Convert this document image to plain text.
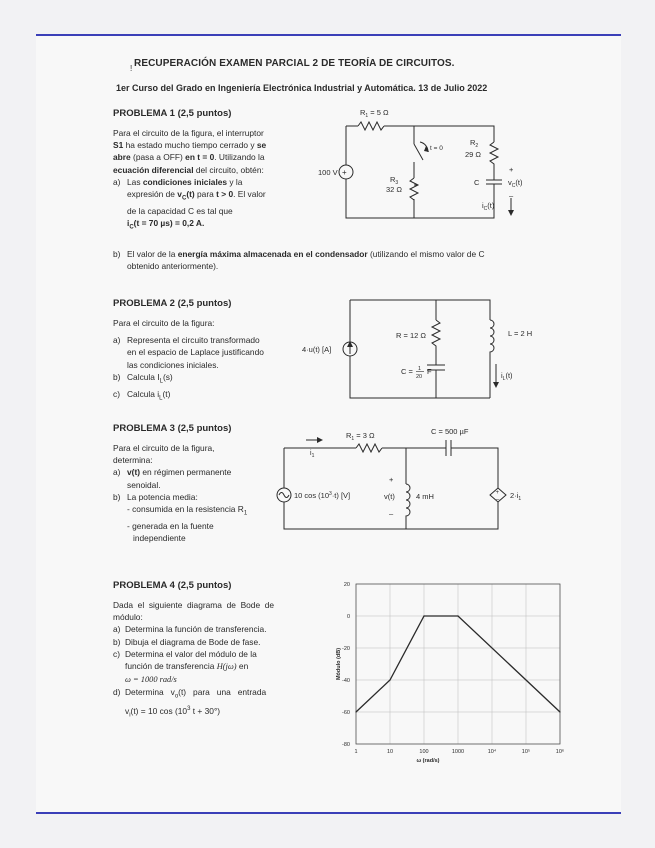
! RECUPERACIÓN EXAMEN PARCIAL 2 DE TEORÍA DE CIRCUITOS.
1er Curso del Grado en Ingeniería Electrónica Industrial y Automática. 13 de Julio 2022
PROBLEMA 1 (2,5 puntos)
Para el circuito de la figura, el interruptor
S1 ha estado mucho tiempo cerrado y se
abre (pasa a OFF) en t = 0. Utilizando la
ecuación diferencial del circuito, obtén:
a) Las condiciones iniciales y la
expresión de $v_C(t)$ para t > 0. El valor
de la capacidad C es tal que
$i_C(t = 70$ µs) = 0,2 A.
b) El valor de la energía máxima almacenada en el condensador (utilizando el mismo valor de C
obtenido anteriormente).
+
$R_1 = 5$ Ω
100 V
t = 0
$R_3$
32 Ω
$R_2$
29 Ω
C
+
–
$v_C(t)$
$i_C(t)$
PROBLEMA 2 (2,5 puntos)
Para el circuito de la figura:
a) Representa el circuito transformado
en el espacio de Laplace justificando
las condiciones iniciales.
b) Calcula $I_L(s)$
c) Calcula $i_L(t)$
4·u(t) [A]
R = 12 Ω	L = 2 H
C = 1
20
F	$i_L(t)$
PROBLEMA 3 (2,5 puntos)
Para el circuito de la figura,
determina:
a) v(t) en régimen permanente
senoidal.
b) La potencia media:
- consumida en la resistencia $R_1$
- generada en la fuente
independiente
$R_1 = 3$ Ω	C = 500 µF
$i_1$
10 $\cos (10^3\cdot t)$ [V]
+
–
v(t)	4 mH	+
– $2\cdot i_1$
PROBLEMA 4 (2,5 puntos)
Dada  el  siguiente  diagrama  de  Bode  de
módulo:
a) Determina la función de transferencia.
b) Dibuja el diagrama de Bode de fase.
c) Determina el valor del módulo de la
función de transferencia H(jω) en
ω = 1000 rad/s
d) Determina   $v_o(t)$   para   una   entrada
$v_i(t) = 10$ $\cos (10^3$ t + 30°)
1	10	100	1000	10⁴	10⁵	10⁶
20
0
-20
-40
-60
-80
ω (rad/s)
Módulo (dB)
